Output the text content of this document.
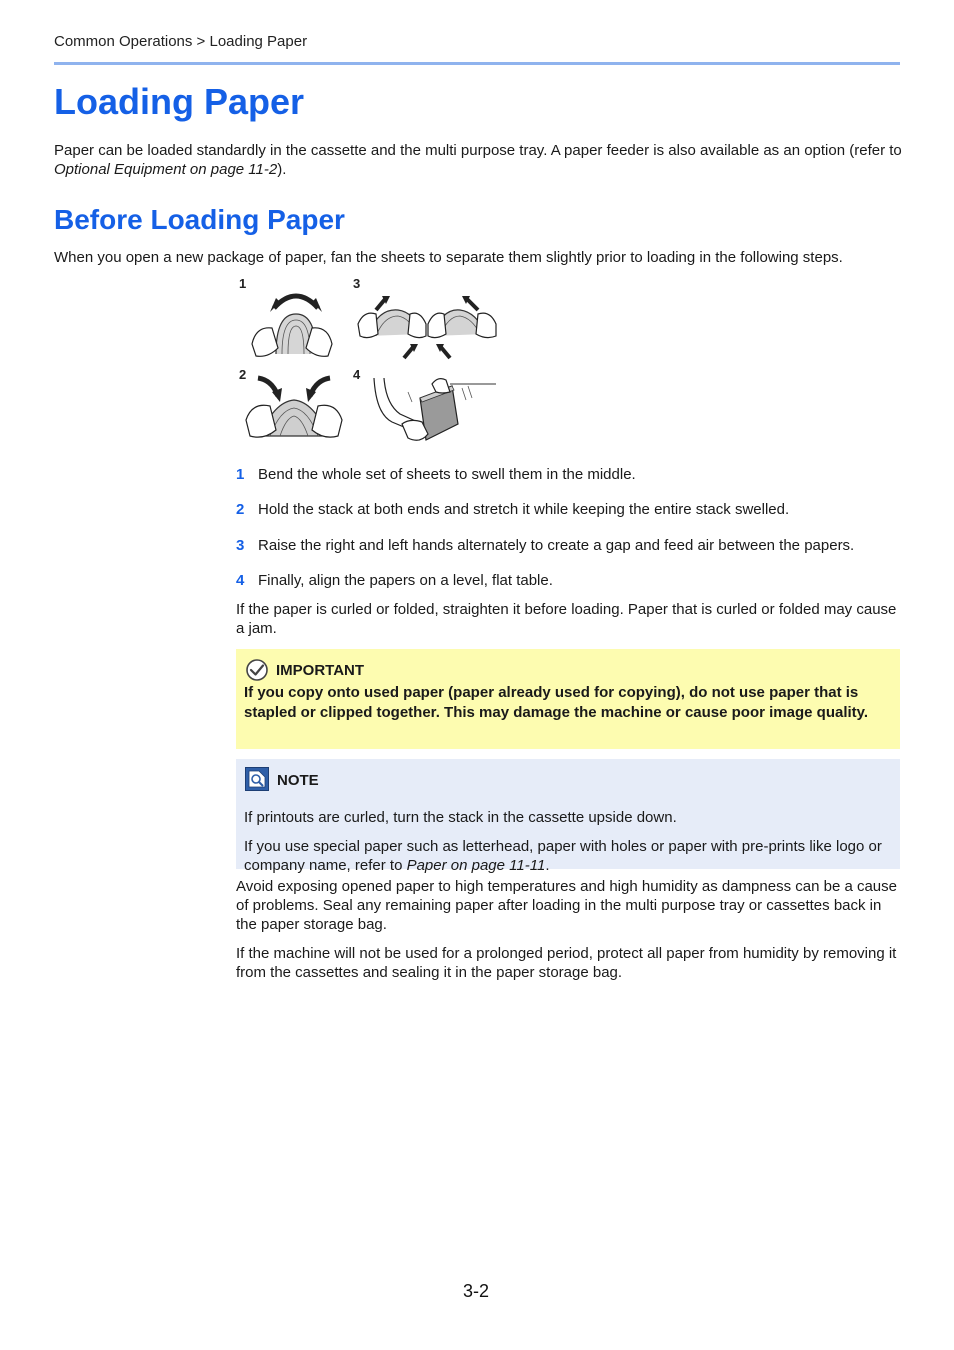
Common Operations > Loading Paper
Loading Paper

Paper can be loaded standardly in the cassette and the multi purpose tray. A paper feeder is also available as an option (refer to Optional Equipment on page 11-2).

Before Loading Paper

When you open a new package of paper, fan the sheets to separate them slightly prior to loading in the following steps.

1
2
3
4
1 Bend the whole set of sheets to swell them in the middle.
2 Hold the stack at both ends and stretch it while keeping the entire stack swelled.
3 Raise the right and left hands alternately to create a gap and feed air between the papers.
4 Finally, align the papers on a level, flat table.

If the paper is curled or folded, straighten it before loading. Paper that is curled or folded may cause a jam.

IMPORTANT
If you copy onto used paper (paper already used for copying), do not use paper that is stapled or clipped together. This may damage the machine or cause poor image quality.
NOTE

If printouts are curled, turn the stack in the cassette upside down.

If you use special paper such as letterhead, paper with holes or paper with pre-prints like logo or company name, refer to Paper on page 11-11.

Avoid exposing opened paper to high temperatures and high humidity as dampness can be a cause of problems. Seal any remaining paper after loading in the multi purpose tray or cassettes back in the paper storage bag.

If the machine will not be used for a prolonged period, protect all paper from humidity by removing it from the cassettes and sealing it in the paper storage bag.

3-2
